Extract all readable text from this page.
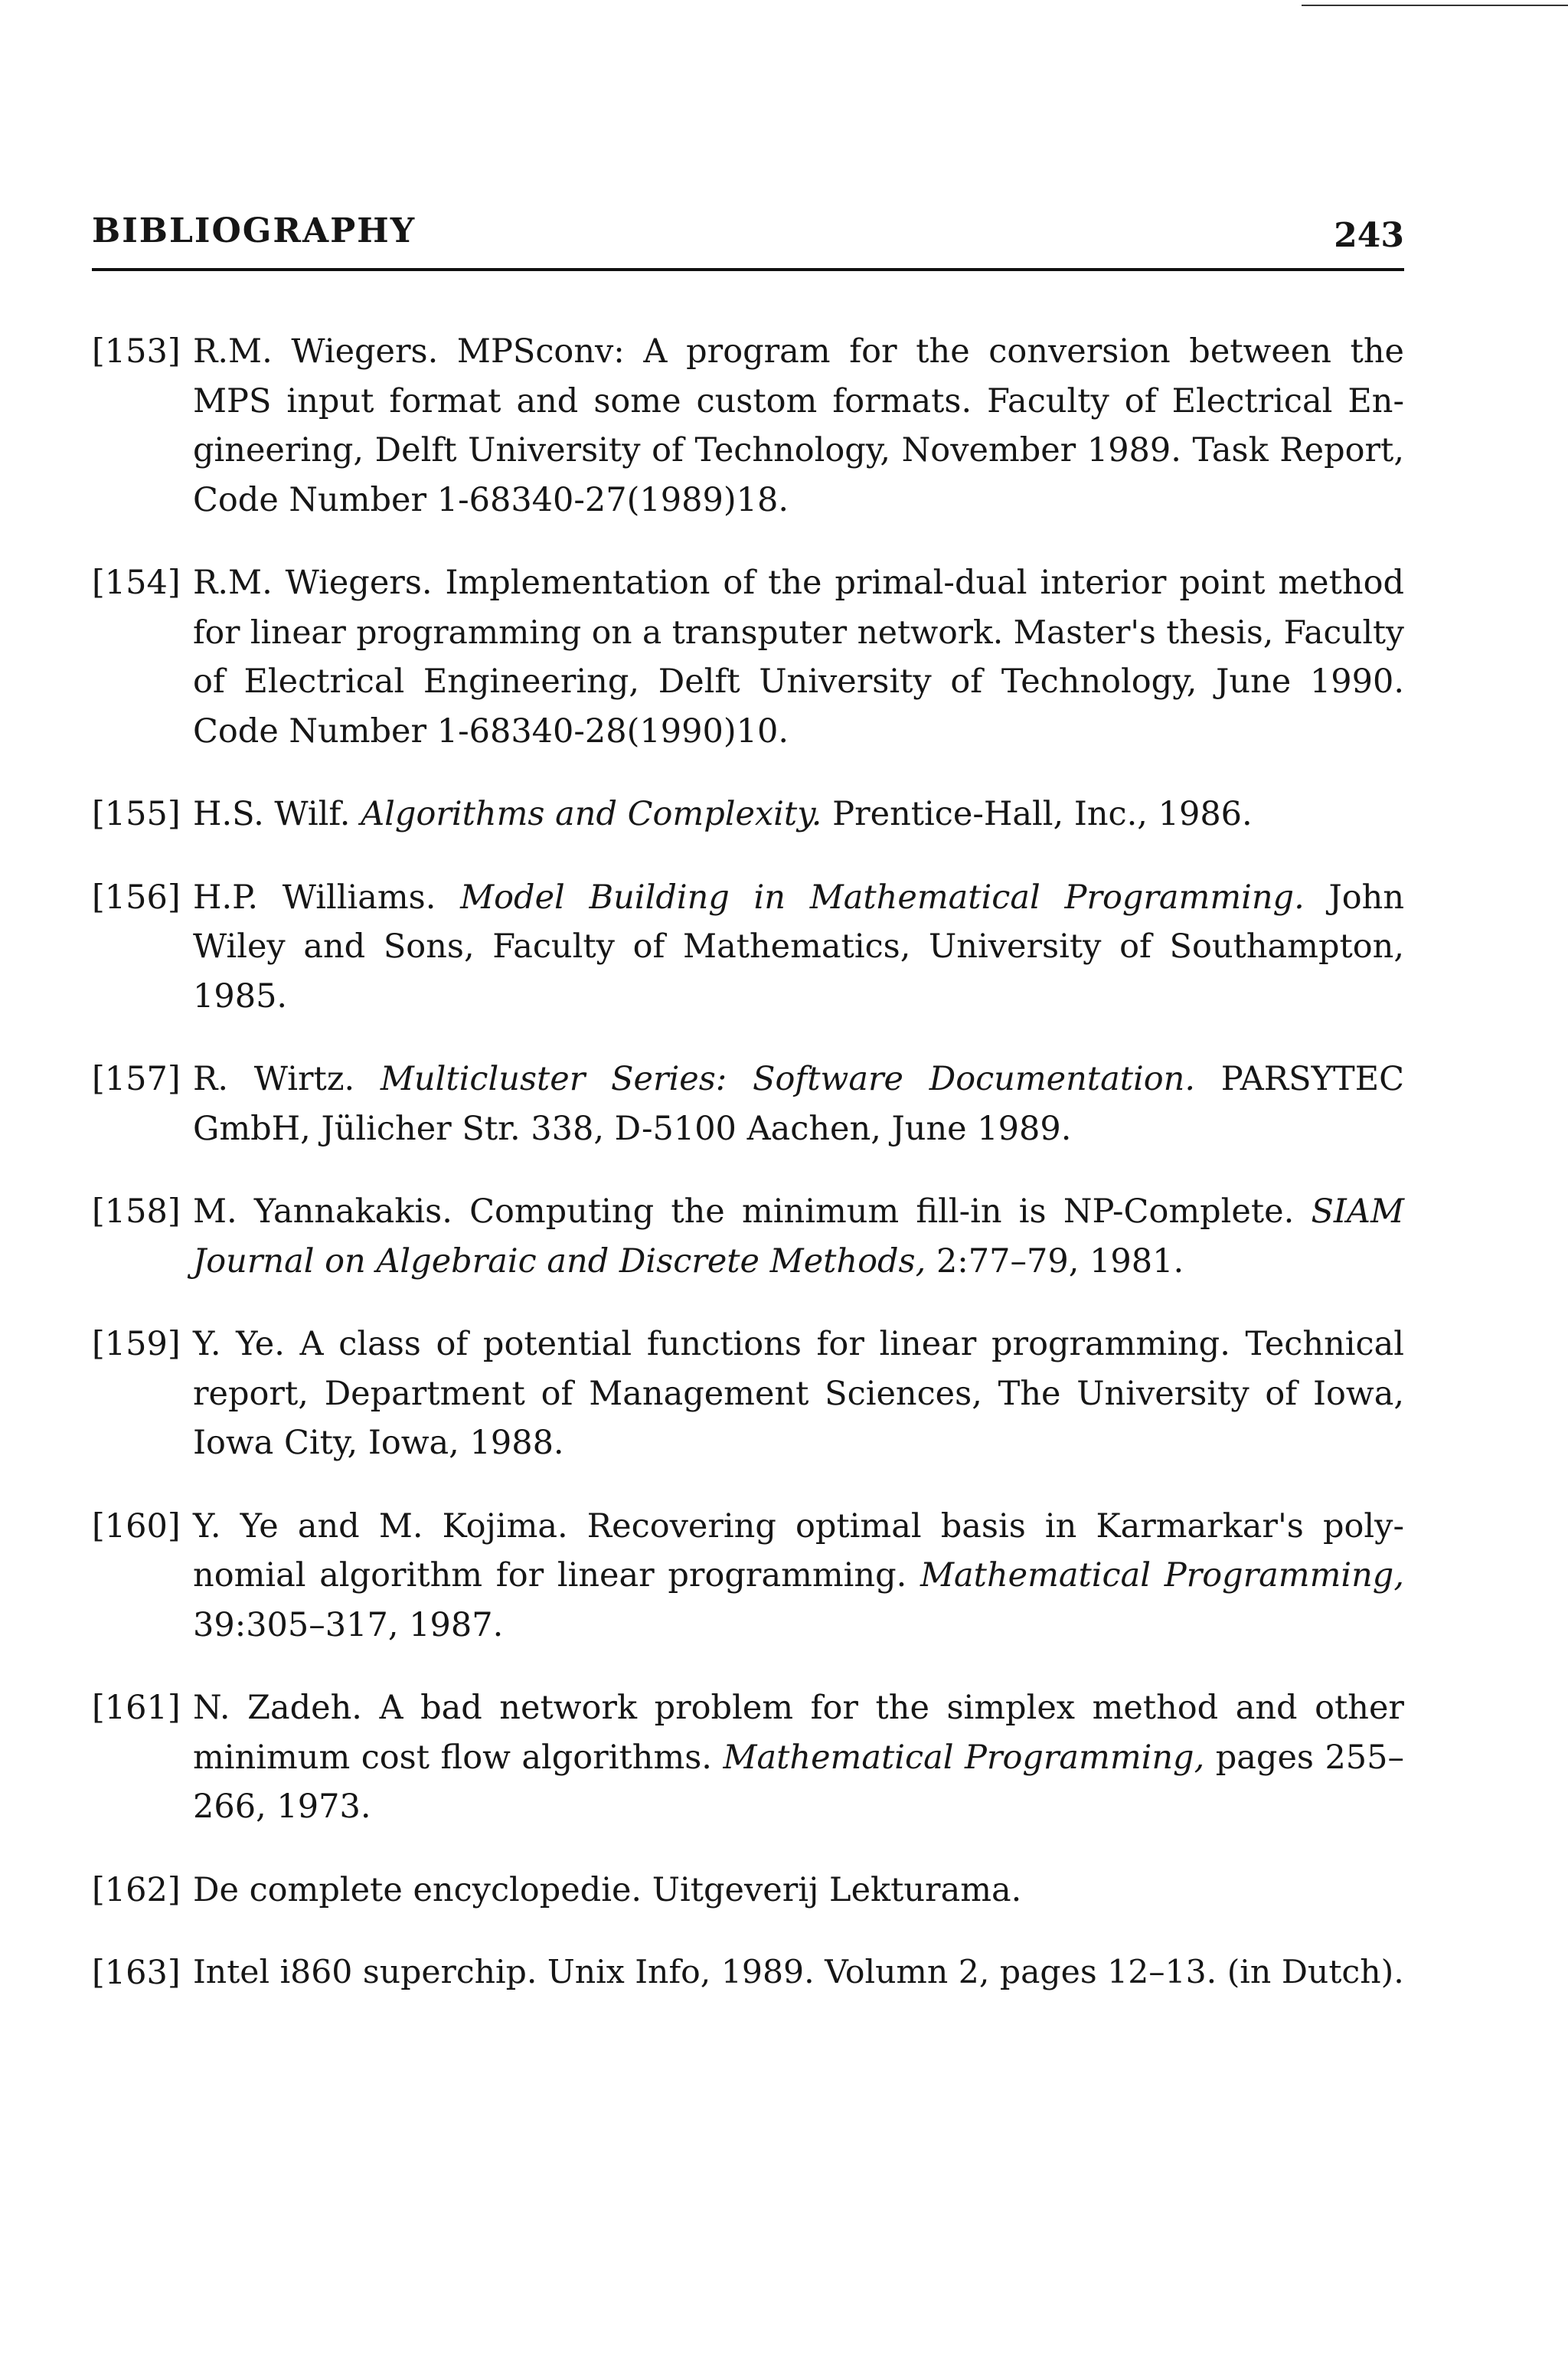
BIBLIOGRAPHY	243
[153] R.M. Wiegers. MPSconv: A program for the conversion between the
MPS input format and some custom formats. Faculty of Electrical En-
gineering, Delft University of Technology, November 1989. Task Report,
Code Number 1-68340-27(1989)18.
[154] R.M. Wiegers. Implementation of the primal-dual interior point method
for linear programming on a transputer network. Master's thesis, Faculty
of Electrical Engineering, Delft University of Technology, June 1990.
Code Number 1-68340-28(1990)10.
[155] H.S. Wilf. Algorithms and Complexity. Prentice-Hall, Inc., 1986.
[156] H.P. Williams. Model Building in Mathematical Programming. John
Wiley and Sons, Faculty of Mathematics, University of Southampton,
1985.
[157] R. Wirtz. Multicluster Series: Software Documentation. PARSYTEC
GmbH, Jülicher Str. 338, D-5100 Aachen, June 1989.
[158] M. Yannakakis. Computing the minimum fill-in is NP-Complete. SIAM
Journal on Algebraic and Discrete Methods, 2:77–79, 1981.
[159] Y. Ye. A class of potential functions for linear programming. Technical
report, Department of Management Sciences, The University of Iowa,
Iowa City, Iowa, 1988.
[160] Y. Ye and M. Kojima. Recovering optimal basis in Karmarkar's poly-
nomial algorithm for linear programming. Mathematical Programming,
39:305–317, 1987.
[161] N. Zadeh. A bad network problem for the simplex method and other
minimum cost flow algorithms. Mathematical Programming, pages 255–
266, 1973.
[162] De complete encyclopedie. Uitgeverij Lekturama.
[163] Intel i860 superchip. Unix Info, 1989. Volumn 2, pages 12–13. (in Dutch).
